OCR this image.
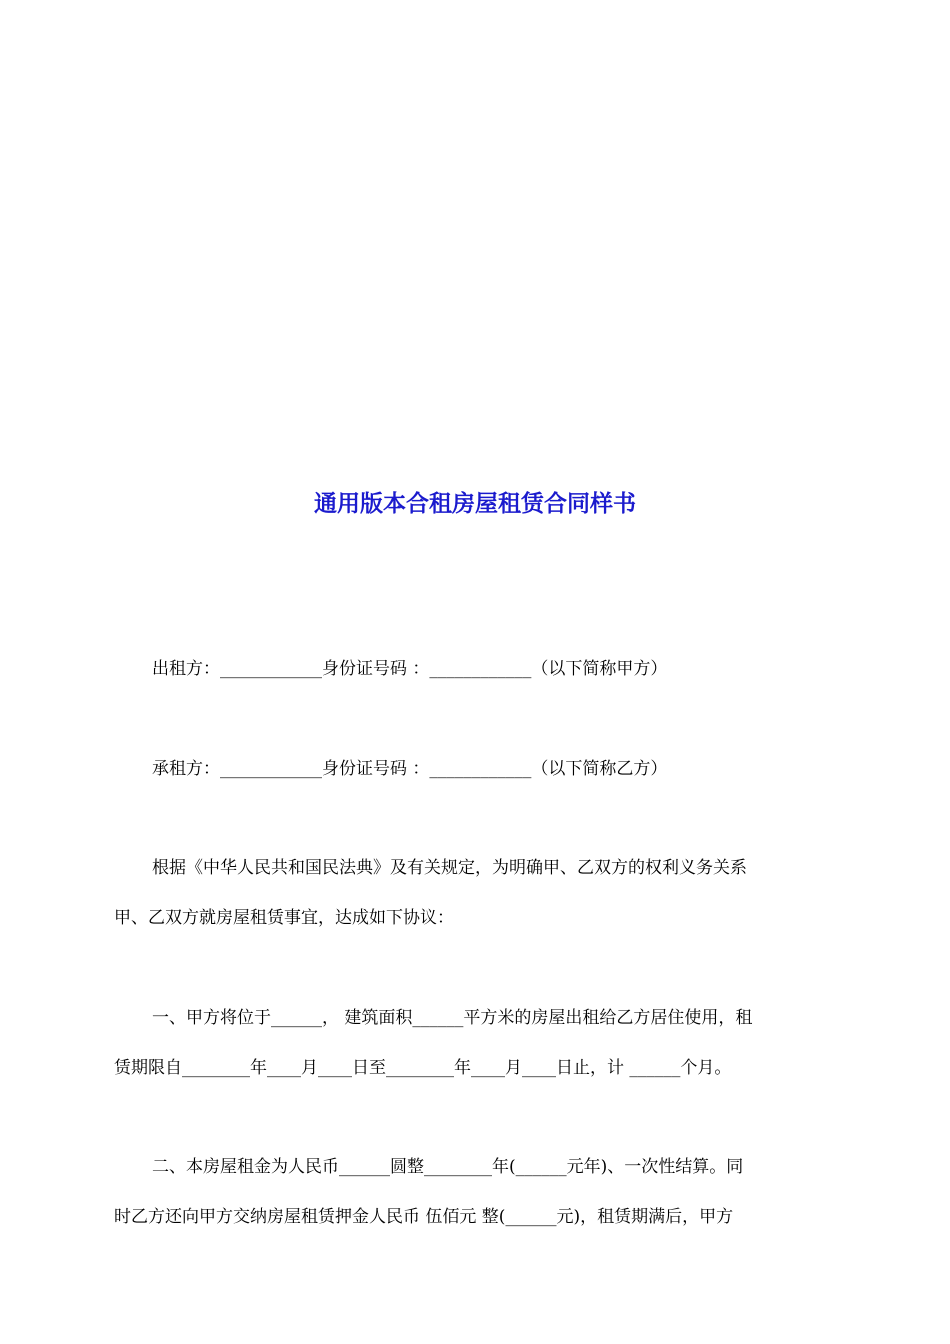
通用版本合租房屋租赁合同样书

出租方：____________身份证号码 ：____________（以下简称甲方）

承租方：____________身份证号码 ：____________（以下简称乙方）

根据《中华人民共和国民法典》及有关规定，为明确甲、乙双方的权利义务关系

甲、乙双方就房屋租赁事宜，达成如下协议：

一、甲方将位于______， 建筑面积______平方米的房屋出租给乙方居住使用，租

赁期限自________年____月____日至________年____月____日止，计 ______个月。

二、本房屋租金为人民币______圆整________年(______元年)、一次性结算。同

时乙方还向甲方交纳房屋租赁押金人民币 伍佰元 整(______元)，租赁期满后，甲方
